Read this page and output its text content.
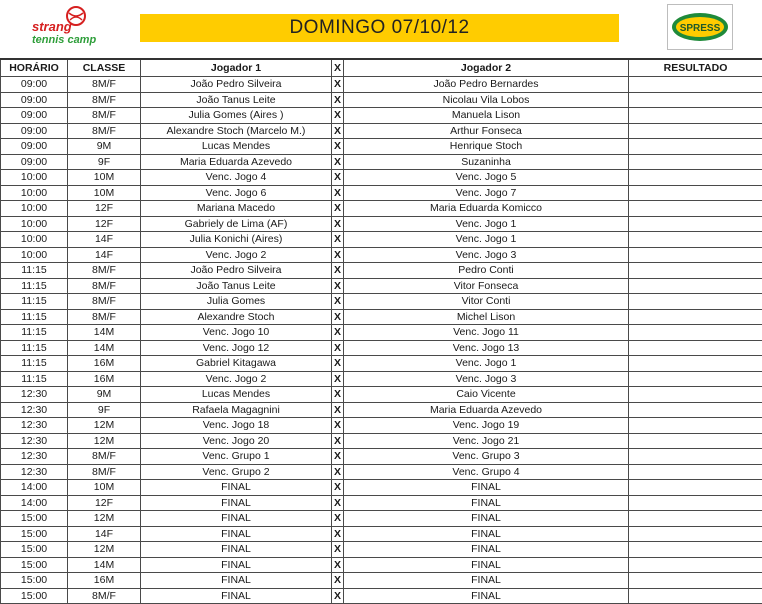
strang
tennis camp
DOMINGO 07/10/12	SPRESS
HORÁRIO	CLASSE	Jogador 1	X	Jogador 2	RESULTADO
09:00	8M/F	João Pedro Silveira	X	João Pedro Bernardes	
09:00	8M/F	João Tanus Leite	X	Nicolau Vila Lobos	
09:00	8M/F	Julia Gomes (Aires )	X	Manuela Lison	
09:00	8M/F	Alexandre Stoch (Marcelo M.)	X	Arthur Fonseca	
09:00	9M	Lucas Mendes	X	Henrique Stoch	
09:00	9F	Maria Eduarda Azevedo	X	Suzaninha	
10:00	10M	Venc. Jogo 4	X	Venc. Jogo 5	
10:00	10M	Venc. Jogo 6	X	Venc. Jogo 7	
10:00	12F	Mariana Macedo	X	Maria Eduarda Komicco	
10:00	12F	Gabriely de Lima (AF)	X	Venc. Jogo 1	
10:00	14F	Julia Konichi (Aires)	X	Venc. Jogo 1	
10:00	14F	Venc. Jogo 2	X	Venc. Jogo 3	
11:15	8M/F	João Pedro Silveira	X	Pedro Conti	
11:15	8M/F	João Tanus Leite	X	Vitor Fonseca	
11:15	8M/F	Julia Gomes	X	Vitor Conti	
11:15	8M/F	Alexandre Stoch	X	Michel Lison	
11:15	14M	Venc. Jogo 10	X	Venc. Jogo 11	
11:15	14M	Venc. Jogo 12	X	Venc. Jogo 13	
11:15	16M	Gabriel Kitagawa	X	Venc. Jogo 1	
11:15	16M	Venc. Jogo 2	X	Venc. Jogo 3	
12:30	9M	Lucas Mendes	X	Caio Vicente	
12:30	9F	Rafaela Magagnini	X	Maria Eduarda Azevedo	
12:30	12M	Venc. Jogo 18	X	Venc. Jogo 19	
12:30	12M	Venc. Jogo 20	X	Venc. Jogo 21	
12:30	8M/F	Venc. Grupo 1	X	Venc. Grupo 3	
12:30	8M/F	Venc. Grupo 2	X	Venc. Grupo 4	
14:00	10M	FINAL	X	FINAL	
14:00	12F	FINAL	X	FINAL	
15:00	12M	FINAL	X	FINAL	
15:00	14F	FINAL	X	FINAL	
15:00	12M	FINAL	X	FINAL	
15:00	14M	FINAL	X	FINAL	
15:00	16M	FINAL	X	FINAL	
15:00	8M/F	FINAL	X	FINAL	
